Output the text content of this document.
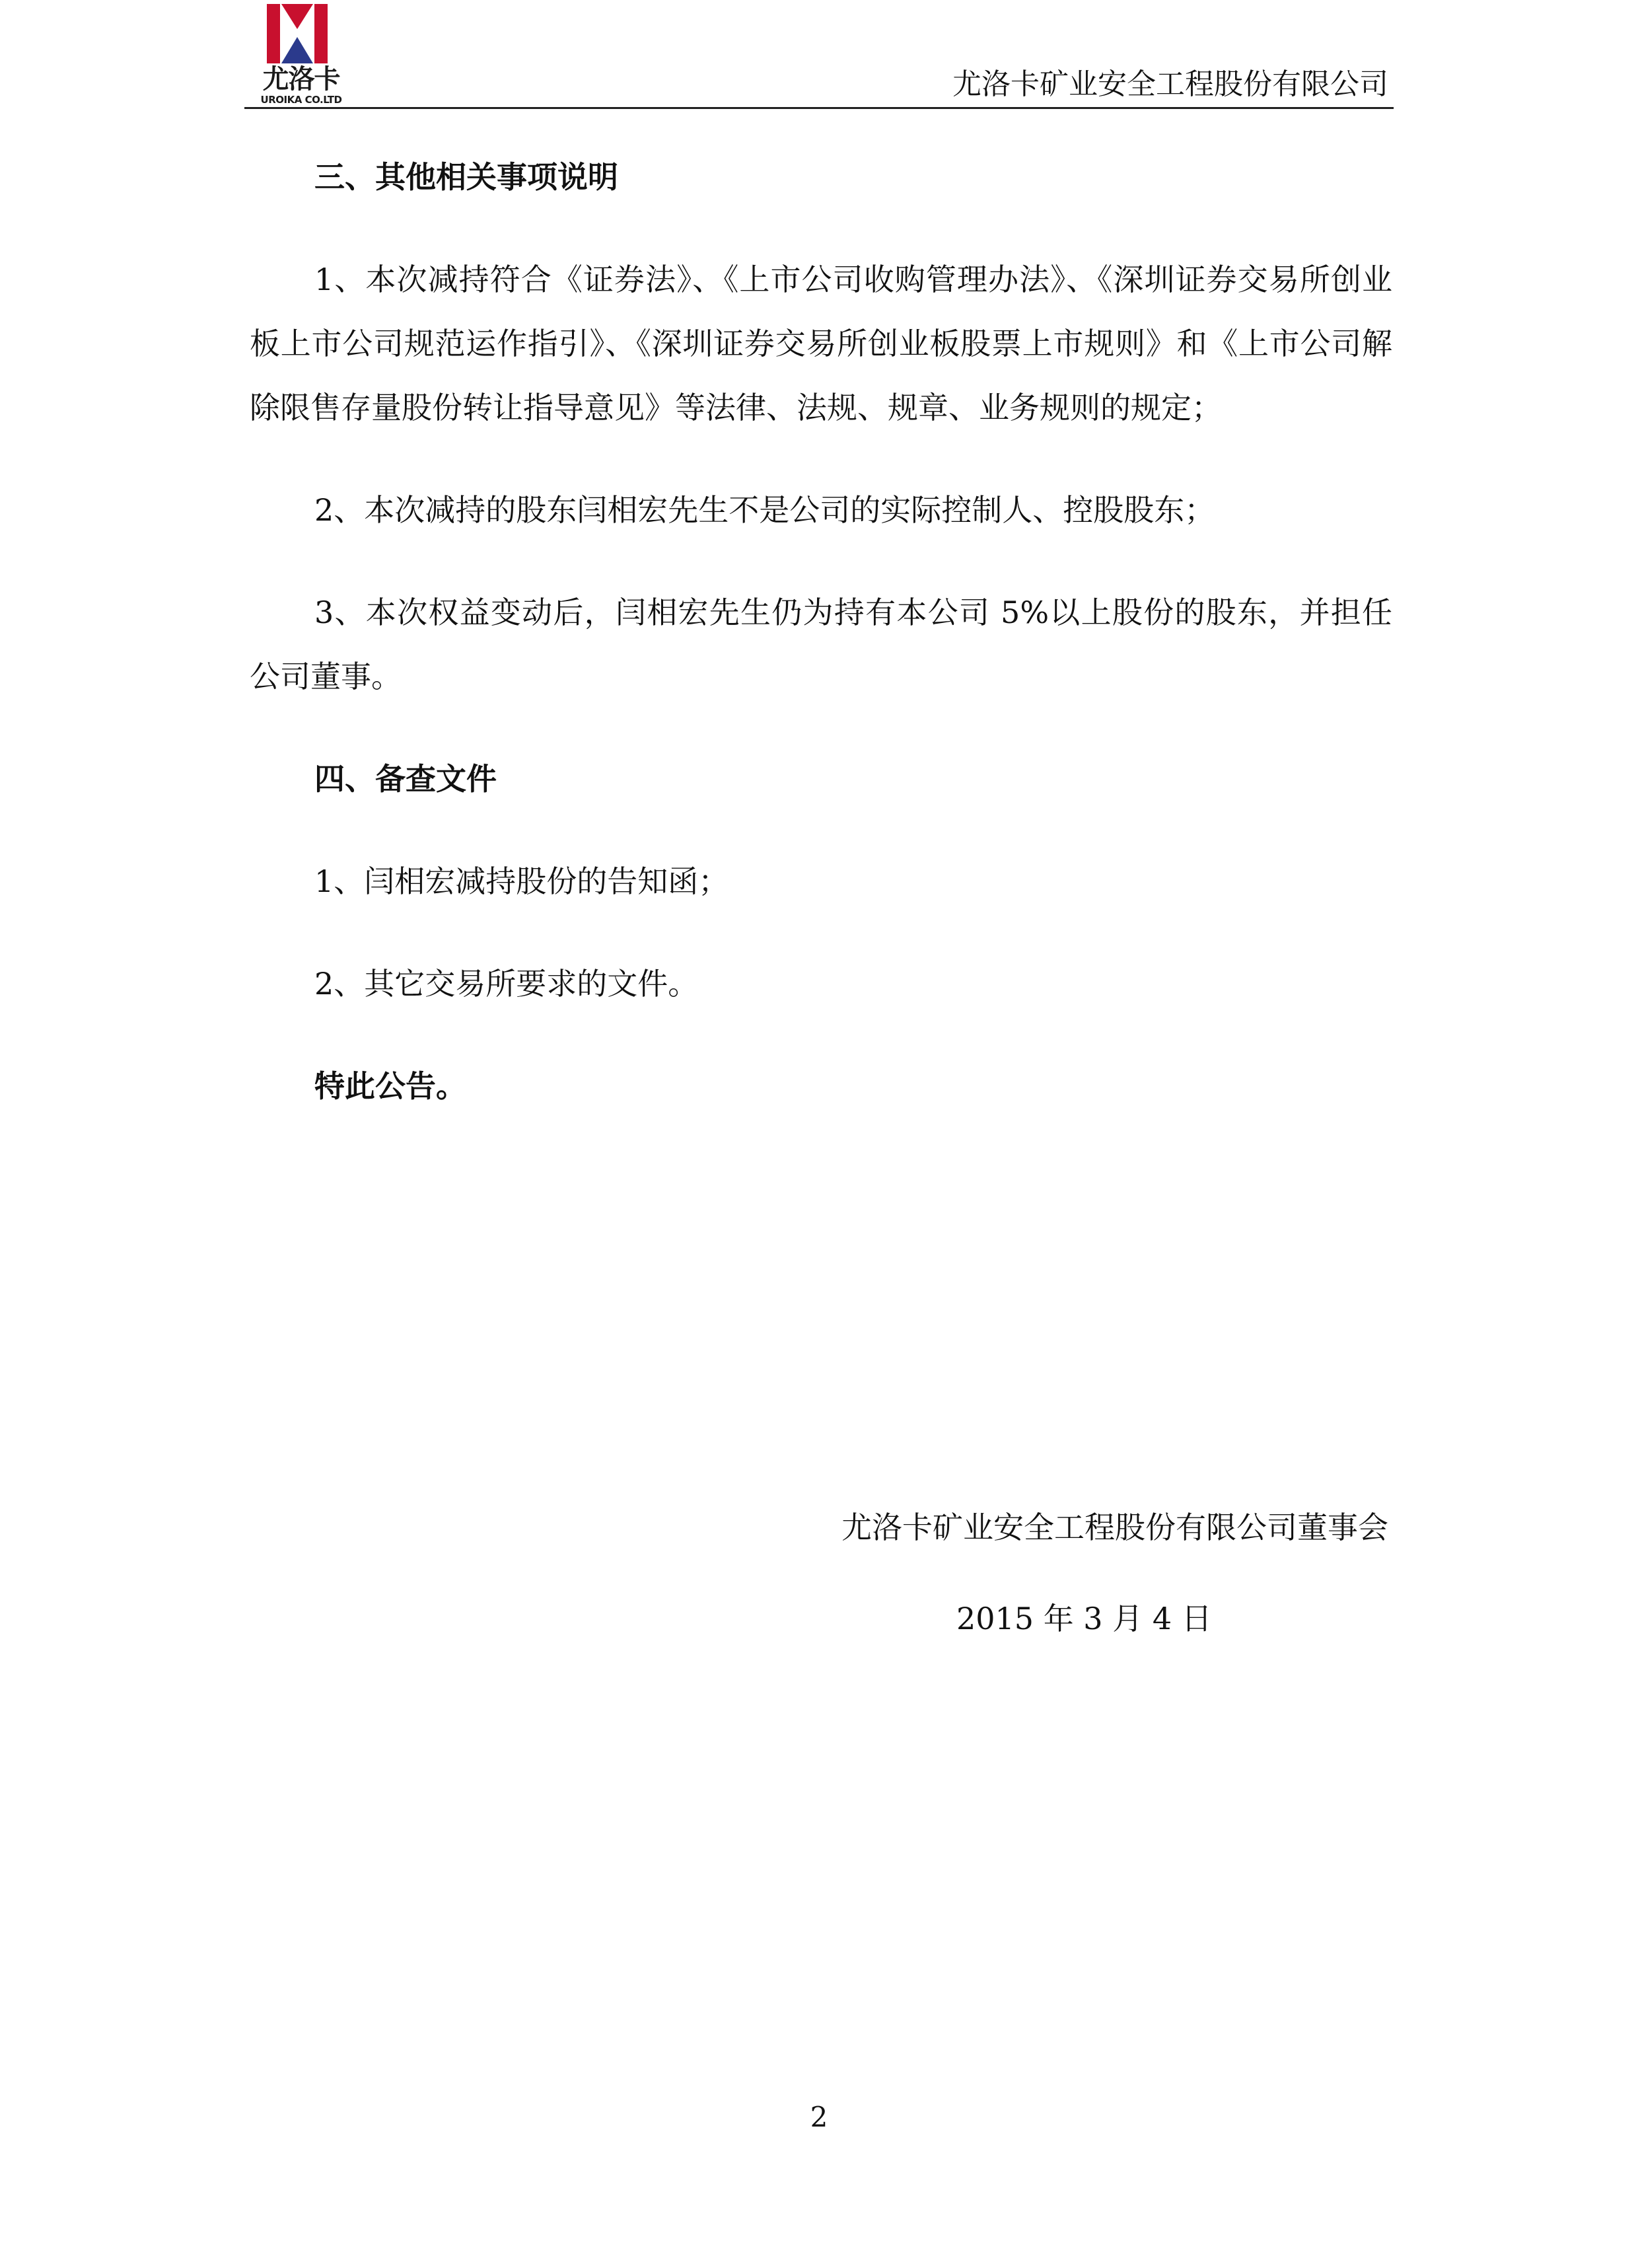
尤洛卡
UROIKA CO.LTD	尤洛卡矿业安全工程股份有限公司

三、其他相关事项说明

1、本次减持符合《证券法》、《上市公司收购管理办法》、《深圳证券交易所创业板上市公司规范运作指引》、《深圳证券交易所创业板股票上市规则》和《上市公司解除限售存量股份转让指导意见》等法律、法规、规章、业务规则的规定；

2、本次减持的股东闫相宏先生不是公司的实际控制人、控股股东；

3、本次权益变动后，闫相宏先生仍为持有本公司 5%以上股份的股东，并担任公司董事。

四、备查文件

1、闫相宏减持股份的告知函；

2、其它交易所要求的文件。

特此公告。

尤洛卡矿业安全工程股份有限公司董事会
2015 年 3 月 4 日
2
